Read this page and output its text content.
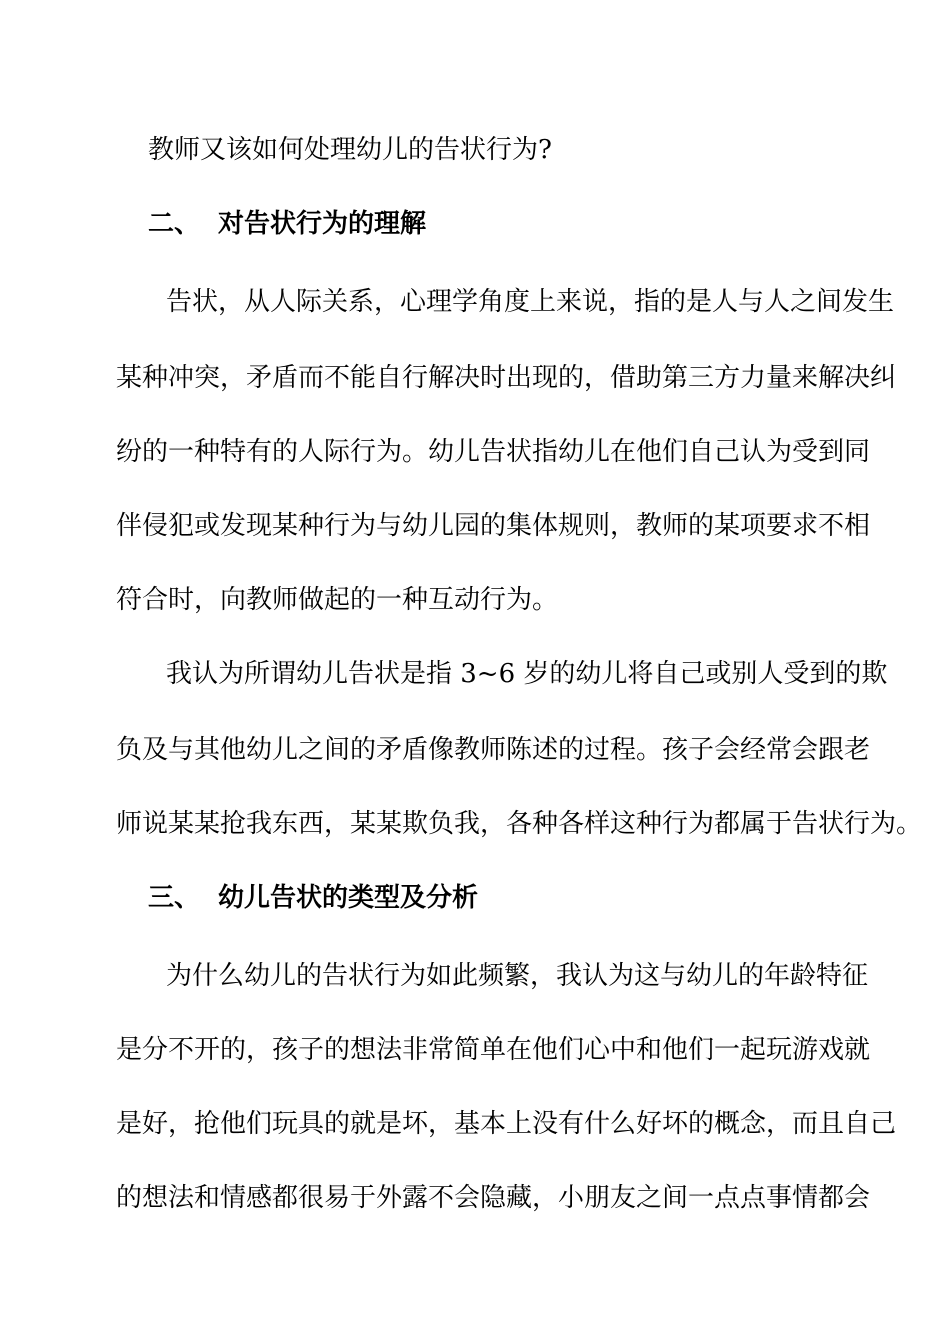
教师又该如何处理幼儿的告状行为?
二、 对告状行为的理解
告状，从人际关系，心理学角度上来说，指的是人与人之间发生
某种冲突，矛盾而不能自行解决时出现的，借助第三方力量来解决纠
纷的一种特有的人际行为。幼儿告状指幼儿在他们自己认为受到同
伴侵犯或发现某种行为与幼儿园的集体规则，教师的某项要求不相
符合时，向教师做起的一种互动行为。
我认为所谓幼儿告状是指 3~6 岁的幼儿将自己或别人受到的欺
负及与其他幼儿之间的矛盾像教师陈述的过程。孩子会经常会跟老
师说某某抢我东西，某某欺负我，各种各样这种行为都属于告状行为。
三、 幼儿告状的类型及分析
为什么幼儿的告状行为如此频繁，我认为这与幼儿的年龄特征
是分不开的，孩子的想法非常简单在他们心中和他们一起玩游戏就
是好，抢他们玩具的就是坏，基本上没有什么好坏的概念，而且自己
的想法和情感都很易于外露不会隐藏，小朋友之间一点点事情都会
